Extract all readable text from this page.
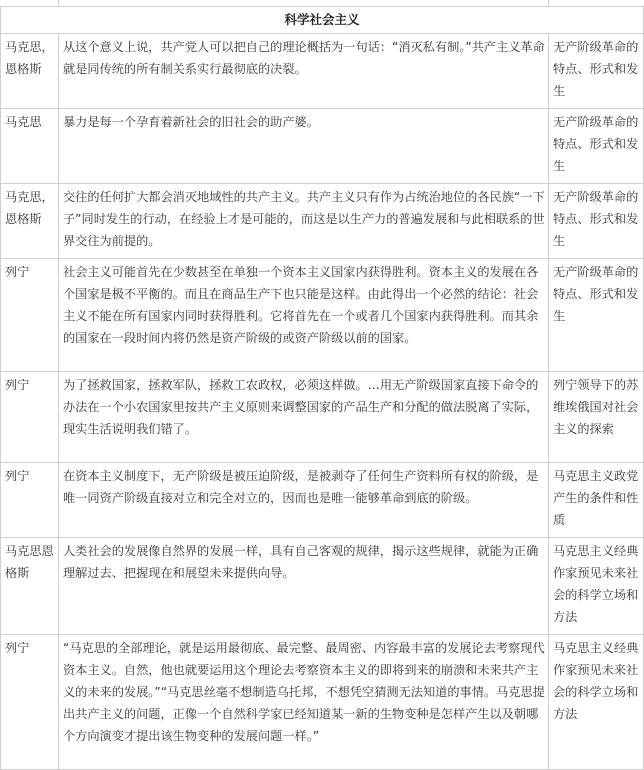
科学社会主义		
马克思，恩格斯	从这个意义上说，共产党人可以把自己的理论概括为一句话：“消灭私有制。”共产主义革命就是同传统的所有制关系实行最彻底的决裂。	无产阶级革命的特点、形式和发生
马克思	暴力是每一个孕育着新社会的旧社会的助产婆。	无产阶级革命的特点、形式和发生
马克思，恩格斯	交往的任何扩大都会消灭地域性的共产主义。共产主义只有作为占统治地位的各民族“一下子”同时发生的行动，在经验上才是可能的，而这是以生产力的普遍发展和与此相联系的世界交往为前提的。	无产阶级革命的特点、形式和发生
列宁	社会主义可能首先在少数甚至在单独一个资本主义国家内获得胜利。资本主义的发展在各个国家是极不平衡的。而且在商品生产下也只能是这样。由此得出一个必然的结论：社会主义不能在所有国家内同时获得胜利。它将首先在一个或者几个国家内获得胜利。而其余的国家在一段时间内将仍然是资产阶级的或资产阶级以前的国家。	无产阶级革命的特点、形式和发生
列宁	为了拯救国家，拯救军队，拯救工农政权，必须这样做。…用无产阶级国家直接下命令的办法在一个小农国家里按共产主义原则来调整国家的产品生产和分配的做法脱离了实际，现实生活说明我们错了。	列宁领导下的苏维埃俄国对社会主义的探索
列宁	在资本主义制度下，无产阶级是被压迫阶级，是被剥夺了任何生产资料所有权的阶级，是唯一同资产阶级直接对立和完全对立的，因而也是唯一能够革命到底的阶级。	马克思主义政党产生的条件和性质
马克思恩格斯	人类社会的发展像自然界的发展一样，具有自己客观的规律，揭示这些规律，就能为正确理解过去、把握现在和展望未来提供向导。	马克思主义经典作家预见未来社会的科学立场和方法
列宁	“马克思的全部理论，就是运用最彻底、最完整、最周密、内容最丰富的发展论去考察现代资本主义。自然，他也就要运用这个理论去考察资本主义的即将到来的崩溃和未来共产主义的未来的发展。”“马克思丝毫不想制造乌托邦，不想凭空猜测无法知道的事情。马克思提出共产主义的问题，正像一个自然科学家已经知道某一新的生物变种是怎样产生以及朝哪个方向演变才提出该生物变种的发展问题一样。”	马克思主义经典作家预见未来社会的科学立场和方法
